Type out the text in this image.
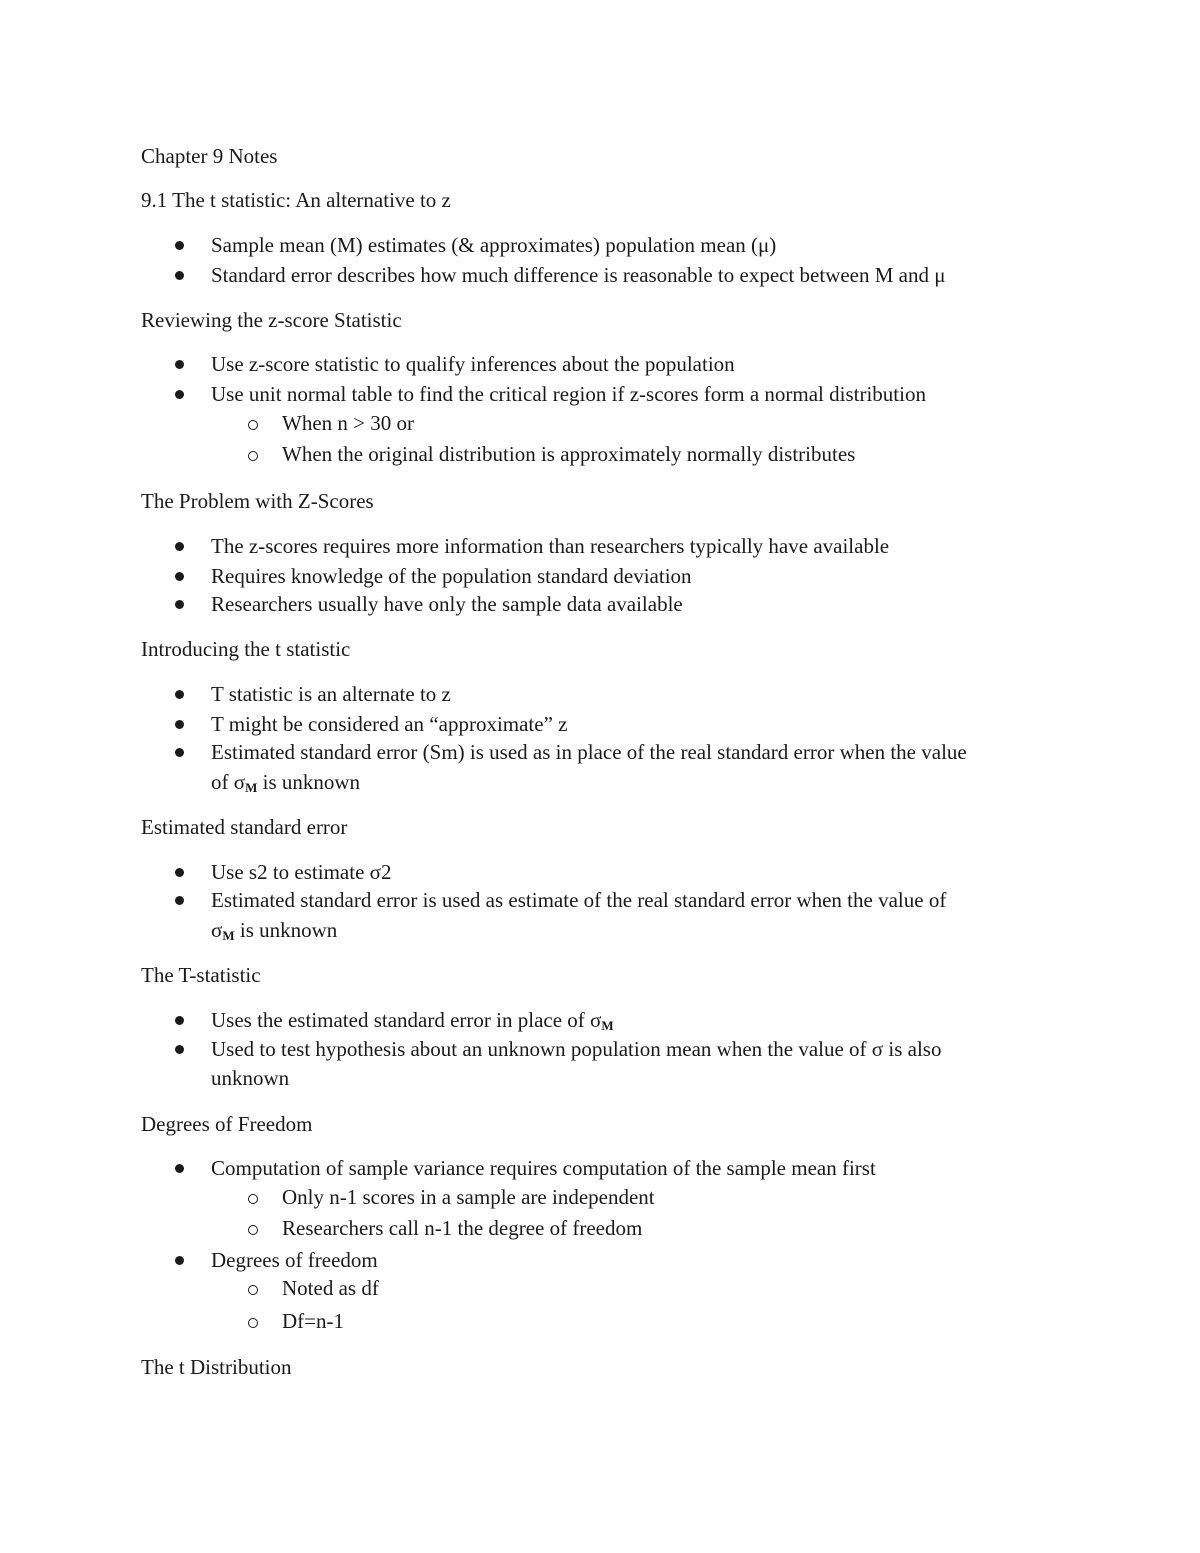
Chapter 9 Notes
9.1 The t statistic: An alternative to z
Sample mean (M) estimates (& approximates) population mean (μ)
Standard error describes how much difference is reasonable to expect between M and μ
Reviewing the z-score Statistic
Use z-score statistic to qualify inferences about the population
Use unit normal table to find the critical region if z-scores form a normal distribution
When n > 30 or
When the original distribution is approximately normally distributes
The Problem with Z-Scores
The z-scores requires more information than researchers typically have available
Requires knowledge of the population standard deviation
Researchers usually have only the sample data available
Introducing the t statistic
T statistic is an alternate to z
T might be considered an “approximate” z
Estimated standard error (Sm) is used as in place of the real standard error when the value
of $\sigma_M$ is unknown
Estimated standard error
Use s2 to estimate σ2
Estimated standard error is used as estimate of the real standard error when the value of
$\sigma_M$ is unknown
The T-statistic
Uses the estimated standard error in place of $\sigma_M$
Used to test hypothesis about an unknown population mean when the value of σ is also
unknown
Degrees of Freedom
Computation of sample variance requires computation of the sample mean first
Only n-1 scores in a sample are independent
Researchers call n-1 the degree of freedom
Degrees of freedom
Noted as df
Df=n-1
The t Distribution
